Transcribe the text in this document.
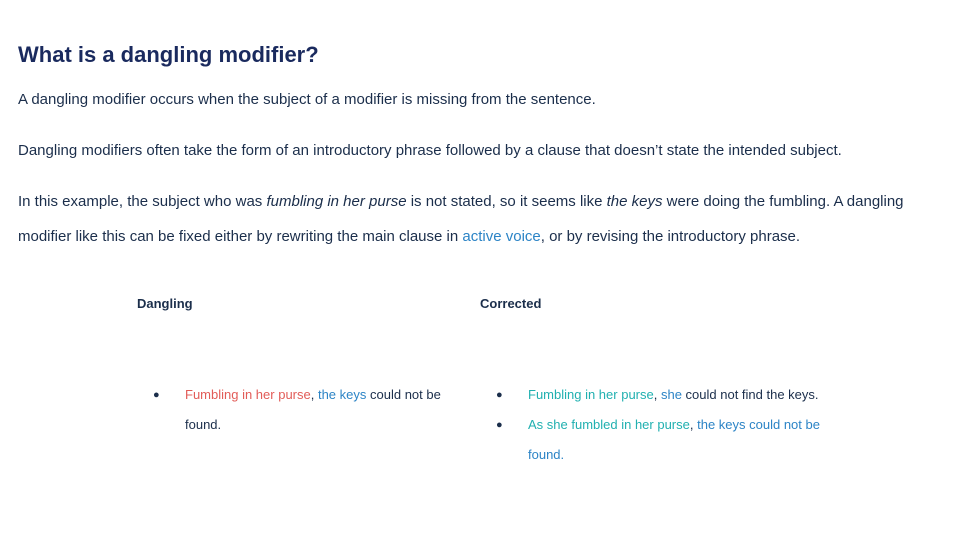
What is a dangling modifier?

A dangling modifier occurs when the subject of a modifier is missing from the sentence.

Dangling modifiers often take the form of an introductory phrase followed by a clause that doesn’t state the intended subject.

In this example, the subject who was fumbling in her purse is not stated, so it seems like the keys were doing the fumbling. A dangling modifier like this can be fixed either by rewriting the main clause in active voice, or by revising the introductory phrase.

Dangling	Corrected
● Fumbling in her purse, the keys could not be found.
● Fumbling in her purse, she could not find the keys.
● As she fumbled in her purse, the keys could not be found.
